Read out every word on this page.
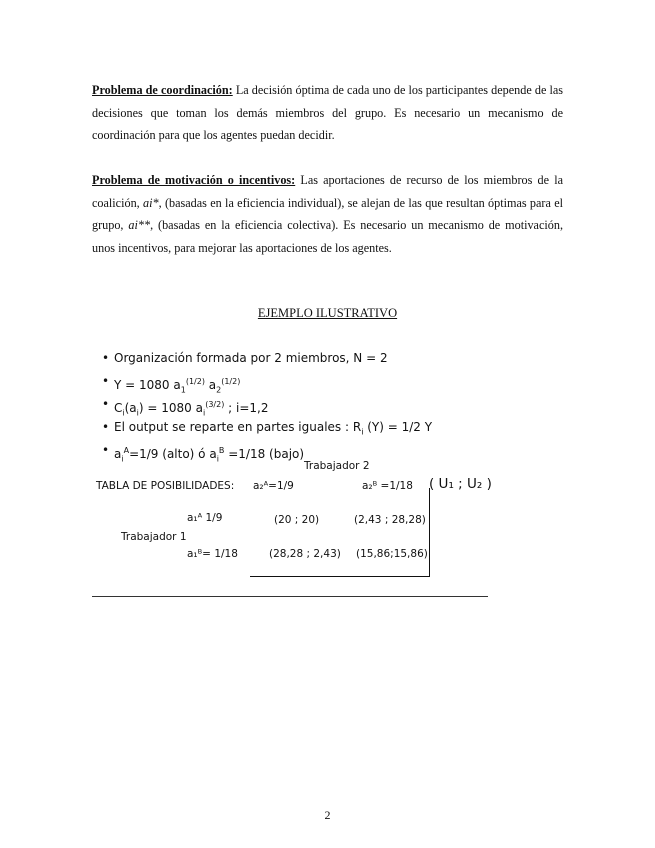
Problema de coordinación: La decisión óptima de cada uno de los participantes depende de las decisiones que toman los demás miembros del grupo. Es necesario un mecanismo de coordinación para que los agentes puedan decidir.
Problema de motivación o incentivos: Las aportaciones de recurso de los miembros de la coalición, ai*, (basadas en la eficiencia individual), se alejan de las que resultan óptimas para el grupo, ai**, (basadas en la eficiencia colectiva). Es necesario un mecanismo de motivación, unos incentivos, para mejorar las aportaciones de los agentes.
EJEMPLO ILUSTRATIVO
• Organización formada por 2 miembros, N = 2
• Y = 1080 $a_1^{(1/2)}$ $a_2^{(1/2)}$
• $C_i(a_i) = 1080$ $a_i^{(3/2)}$ ; i=1,2
• El output se reparte en partes iguales : $R_i$ (Y) = 1/2 Y
• $a_i^A=1/9$ (alto) ó $a_i^B =1/18$ (bajo)
Trabajador 2
TABLA DE POSIBILIDADES: a₂ᴬ=1/9	a₂ᴮ =1/18 ( U₁ ; U₂ )
a₁ᴬ 1/9	(20 ; 20)	(2,43 ; 28,28)
Trabajador 1
a₁ᴮ= 1/18	(28,28 ; 2,43) (15,86;15,86)
2
